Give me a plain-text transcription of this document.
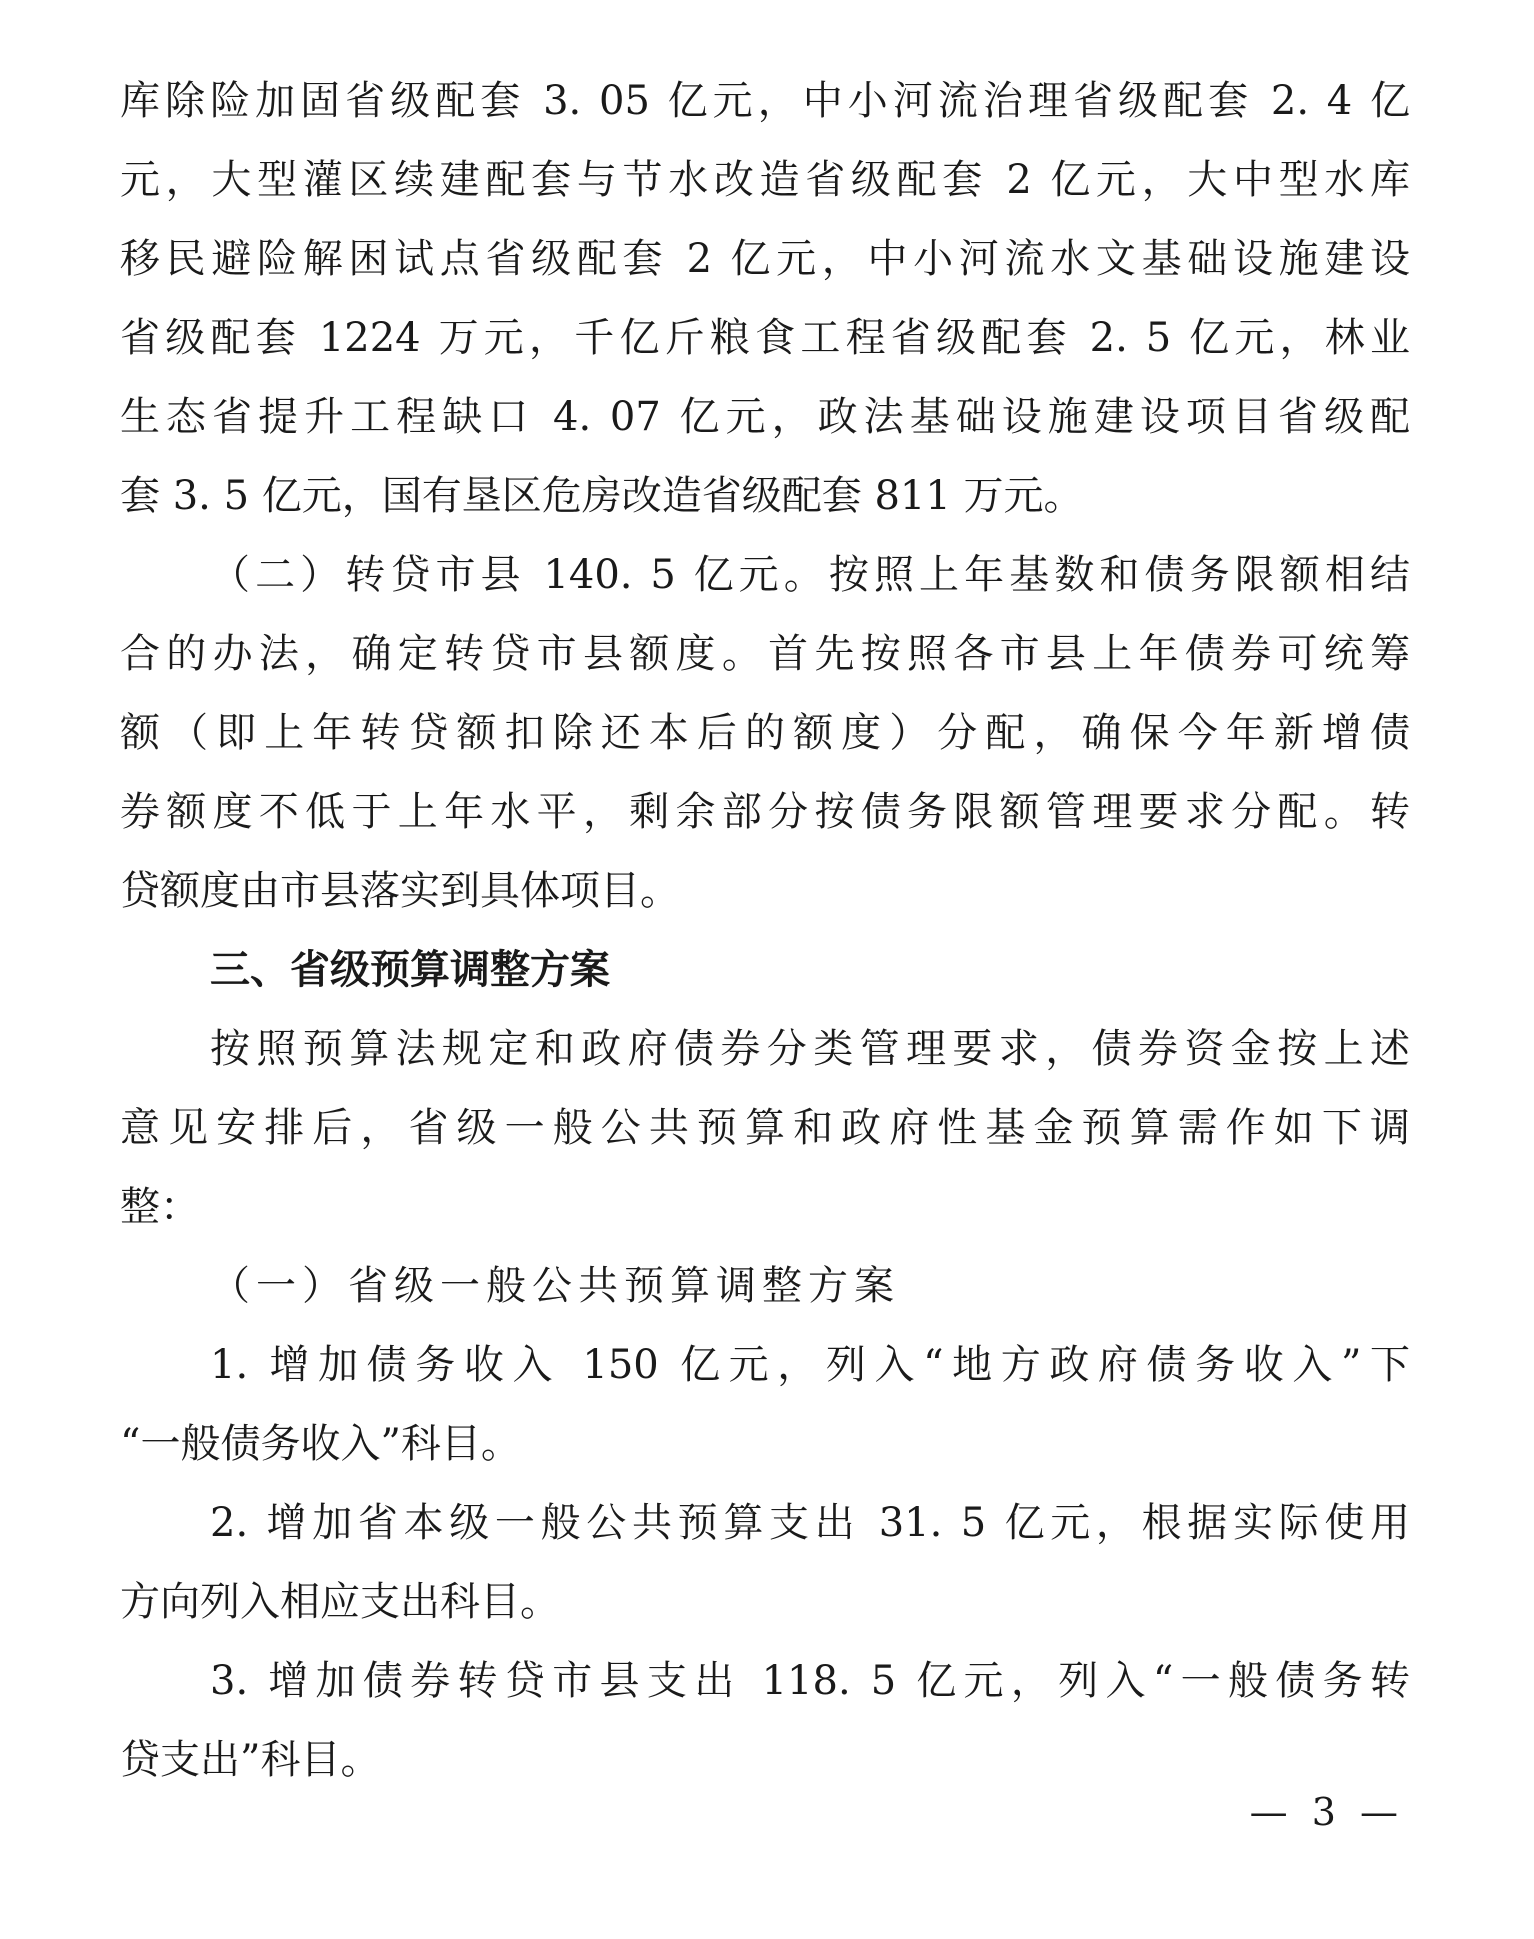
库除险加固省级配套 3. 05 亿元，中小河流治理省级配套 2. 4 亿
元，大型灌区续建配套与节水改造省级配套 2 亿元，大中型水库
移民避险解困试点省级配套 2 亿元，中小河流水文基础设施建设
省级配套 1224 万元，千亿斤粮食工程省级配套 2. 5 亿元，林业
生态省提升工程缺口 4. 07 亿元，政法基础设施建设项目省级配
套 3. 5 亿元，国有垦区危房改造省级配套 811 万元。
（二）转贷市县 140. 5 亿元。按照上年基数和债务限额相结
合的办法，确定转贷市县额度。首先按照各市县上年债券可统筹
额（即上年转贷额扣除还本后的额度）分配，确保今年新增债
券额度不低于上年水平，剩余部分按债务限额管理要求分配。转
贷额度由市县落实到具体项目。
三、省级预算调整方案
按照预算法规定和政府债券分类管理要求，债券资金按上述
意见安排后，省级一般公共预算和政府性基金预算需作如下调
整：
（一）省级一般公共预算调整方案
1. 增加债务收入 150 亿元，列入“地方政府债务收入”下
“一般债务收入”科目。
2. 增加省本级一般公共预算支出 31. 5 亿元，根据实际使用
方向列入相应支出科目。
3. 增加债券转贷市县支出 118. 5 亿元，列入“一般债务转
贷支出”科目。
— 3 —
